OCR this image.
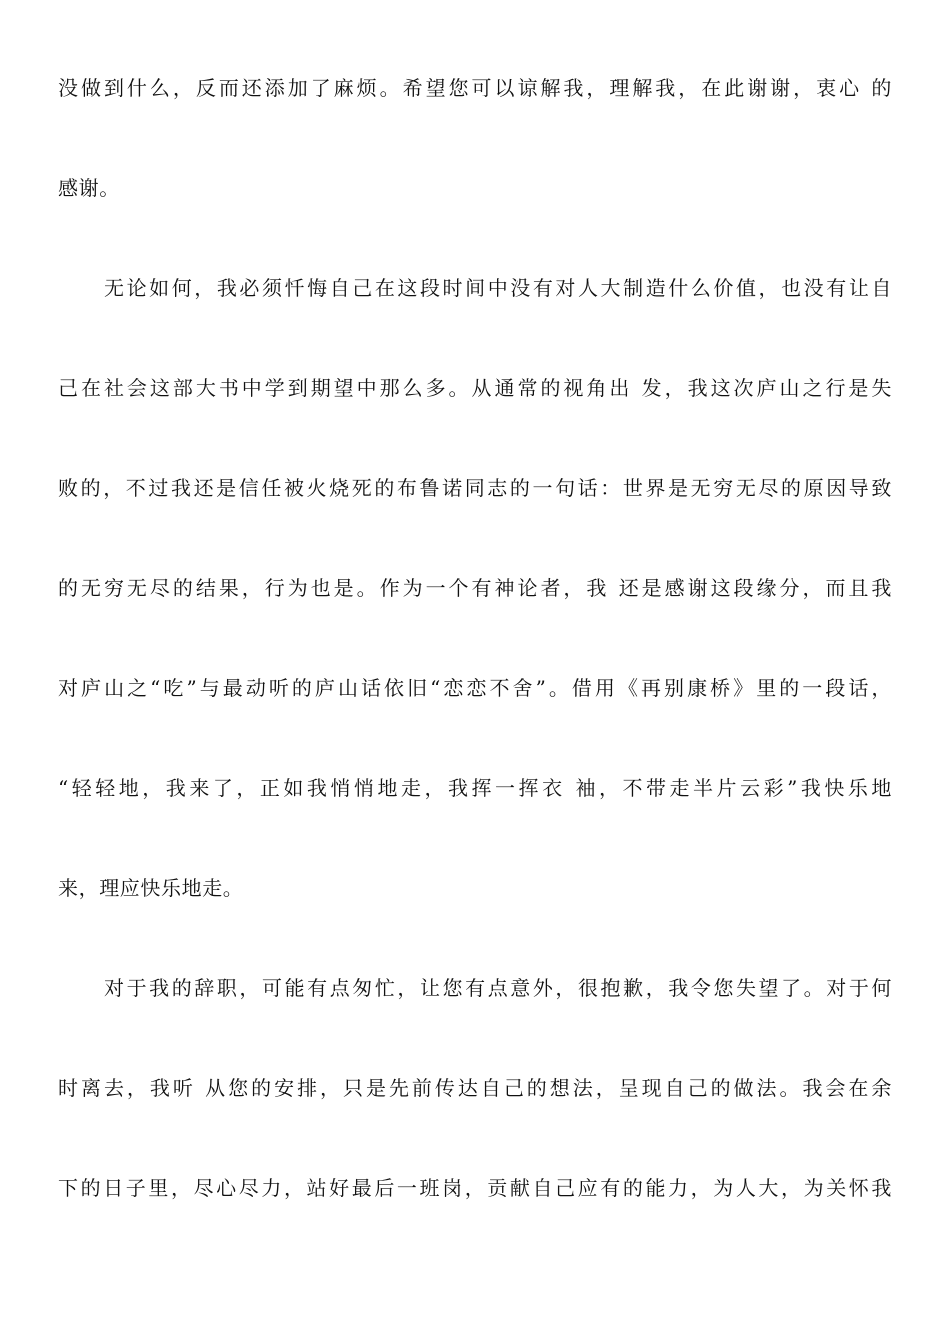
没做到什么，反而还添加了麻烦。希望您可以谅解我，理解我，在此谢谢，衷心 的
感谢。
无论如何，我必须忏悔自己在这段时间中没有对人大制造什么价值，也没有让自
己在社会这部大书中学到期望中那么多。从通常的视角出 发，我这次庐山之行是失
败的，不过我还是信任被火烧死的布鲁诺同志的一句话：世界是无穷无尽的原因导致
的无穷无尽的结果，行为也是。作为一个有神论者，我 还是感谢这段缘分，而且我
对庐山之“吃”与最动听的庐山话依旧“恋恋不舍”。借用《再别康桥》里的一段话，
“轻轻地，我来了，正如我悄悄地走，我挥一挥衣 袖，不带走半片云彩”我快乐地
来，理应快乐地走。
对于我的辞职，可能有点匆忙，让您有点意外，很抱歉，我令您失望了。对于何
时离去，我听 从您的安排，只是先前传达自己的想法，呈现自己的做法。我会在余
下的日子里，尽心尽力，站好最后一班岗，贡献自己应有的能力，为人大，为关怀我
